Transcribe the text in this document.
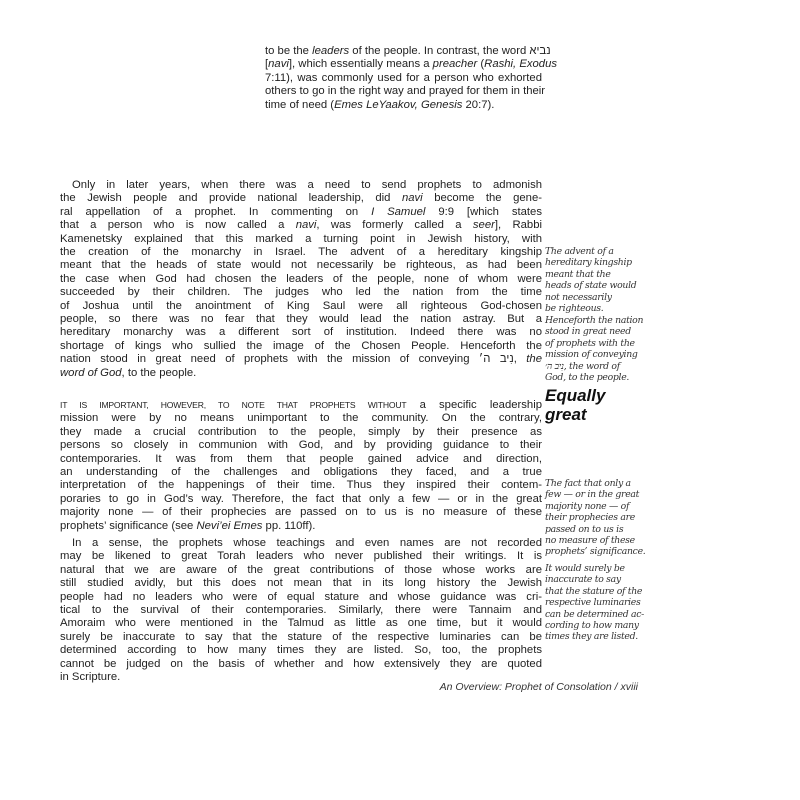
to be the leaders of the people. In contrast, the word נביא
[navi], which essentially means a preacher (Rashi, Exodus
7:11), was commonly used for a person who exhorted
others to go in the right way and prayed for them in their
time of need (Emes LeYaakov, Genesis 20:7).
Only in later years, when there was a need to send prophets to admonish
the Jewish people and provide national leadership, did navi become the gene-
ral appellation of a prophet. In commenting on I Samuel 9:9 [which states
that a person who is now called a navi, was formerly called a seer], Rabbi
Kamenetsky explained that this marked a turning point in Jewish history, with
the creation of the monarchy in Israel. The advent of a hereditary kingship
meant that the heads of state would not necessarily be righteous, as had been
the case when God had chosen the leaders of the people, none of whom were
succeeded by their children. The judges who led the nation from the time
of Joshua until the anointment of King Saul were all righteous God-chosen
people, so there was no fear that they would lead the nation astray. But a
hereditary monarchy was a different sort of institution. Indeed there was no
shortage of kings who sullied the image of the Chosen People. Henceforth the
nation stood in great need of prophets with the mission of conveying נִיב ה׳, the
word of God, to the people.
IT IS IMPORTANT, HOWEVER, TO NOTE THAT PROPHETS WITHOUT a specific leadership
mission were by no means unimportant to the community. On the contrary,
they made a crucial contribution to the people, simply by their presence as
persons so closely in communion with God, and by providing guidance to their
contemporaries. It was from them that people gained advice and direction,
an understanding of the challenges and obligations they faced, and a true
interpretation of the happenings of their time. Thus they inspired their contem-
poraries to go in God’s way. Therefore, the fact that only a few — or in the great
majority none — of their prophecies are passed on to us is no measure of these
prophets’ significance (see Nevi’ei Emes pp. 110ff).
In a sense, the prophets whose teachings and even names are not recorded
may be likened to great Torah leaders who never published their writings. It is
natural that we are aware of the great contributions of those whose works are
still studied avidly, but this does not mean that in its long history the Jewish
people had no leaders who were of equal stature and whose guidance was cri-
tical to the survival of their contemporaries. Similarly, there were Tannaim and
Amoraim who were mentioned in the Talmud as little as one time, but it would
surely be inaccurate to say that the stature of the respective luminaries can be
determined according to how many times they are listed. So, too, the prophets
cannot be judged on the basis of whether and how extensively they are quoted
in Scripture.
The advent of a
hereditary kingship
meant that the
heads of state would
not necessarily
be righteous.
Henceforth the nation
stood in great need
of prophets with the
mission of conveying
נִיב ה׳, the word of
God, to the people.
Equally
great
The fact that only a
few — or in the great
majority none — of
their prophecies are
passed on to us is
no measure of these
prophets’ significance.
It would surely be
inaccurate to say
that the stature of the
respective luminaries
can be determined ac-
cording to how many
times they are listed.
An Overview: Prophet of Consolation / xviii
